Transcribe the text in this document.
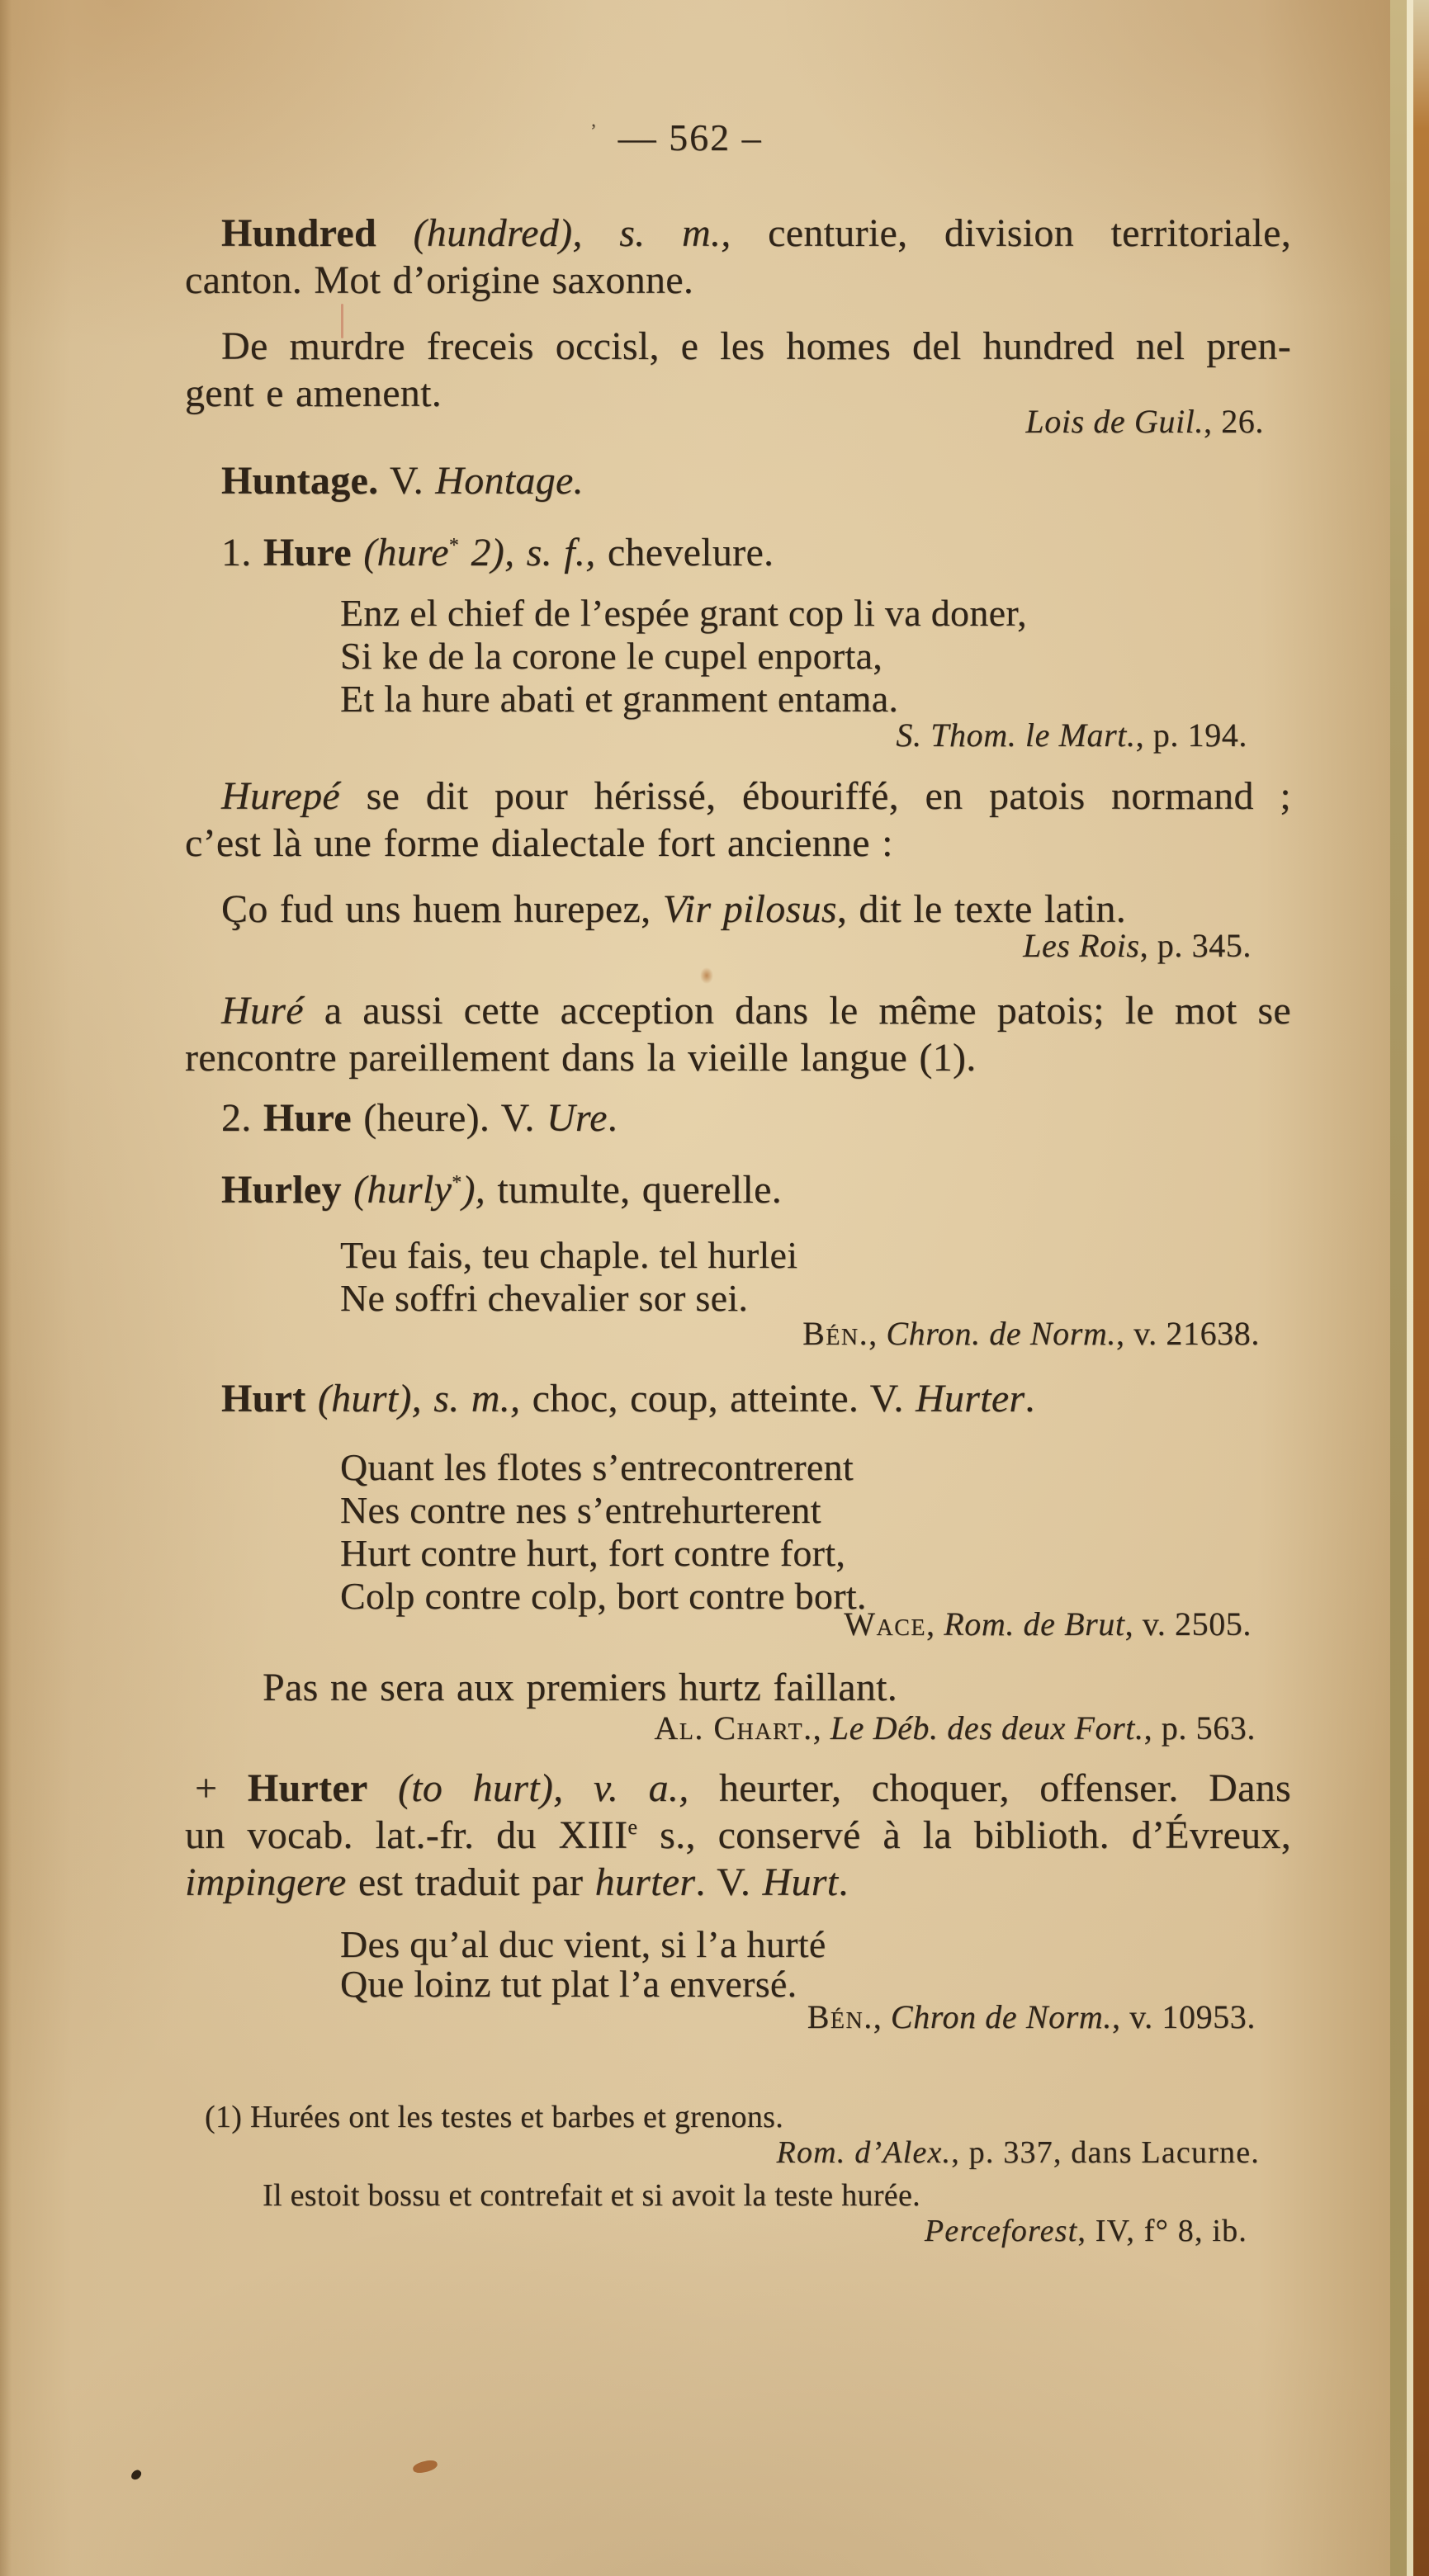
’ — 562 –
Hundred (hundred), s. m., centurie, division territoriale,
canton. Mot d’origine saxonne.
De murdre freceis occisl, e les homes del hundred nel pren-
gent e amenent.
Lois de Guil., 26.
Huntage. V. Hontage.
1. Hure (hure* 2), s. f., chevelure.
Enz el chief de l’espée grant cop li va doner,
Si ke de la corone le cupel enporta,
Et la hure abati et granment entama.
S. Thom. le Mart., p. 194.
Hurepé se dit pour hérissé, ébouriffé, en patois normand ;
c’est là une forme dialectale fort ancienne :
Ço fud uns huem hurepez, Vir pilosus, dit le texte latin.
Les Rois, p. 345.
Huré a aussi cette acception dans le même patois; le mot se
rencontre pareillement dans la vieille langue (1).
2. Hure (heure). V. Ure.
Hurley (hurly*), tumulte, querelle.
Teu fais, teu chaple. tel hurlei
Ne soffri chevalier sor sei.
Bén., Chron. de Norm., v. 21638.
Hurt (hurt), s. m., choc, coup, atteinte. V. Hurter.
Quant les flotes s’entrecontrerent
Nes contre nes s’entrehurterent
Hurt contre hurt, fort contre fort,
Colp contre colp, bort contre bort.
Wace, Rom. de Brut, v. 2505.
Pas ne sera aux premiers hurtz faillant.
Al. Chart., Le Déb. des deux Fort., p. 563.
+ Hurter (to hurt), v. a., heurter, choquer, offenser. Dans
un vocab. lat.-fr. du XIIIe s., conservé à la biblioth. d’Évreux,
impingere est traduit par hurter. V. Hurt.
Des qu’al duc vient, si l’a hurté
Que loinz tut plat l’a enversé.
Bén., Chron de Norm., v. 10953.
(1) Hurées ont les testes et barbes et grenons.
Rom. d’Alex., p. 337, dans Lacurne.
Il estoit bossu et contrefait et si avoit la teste hurée.
Perceforest, IV, f° 8, ib.
